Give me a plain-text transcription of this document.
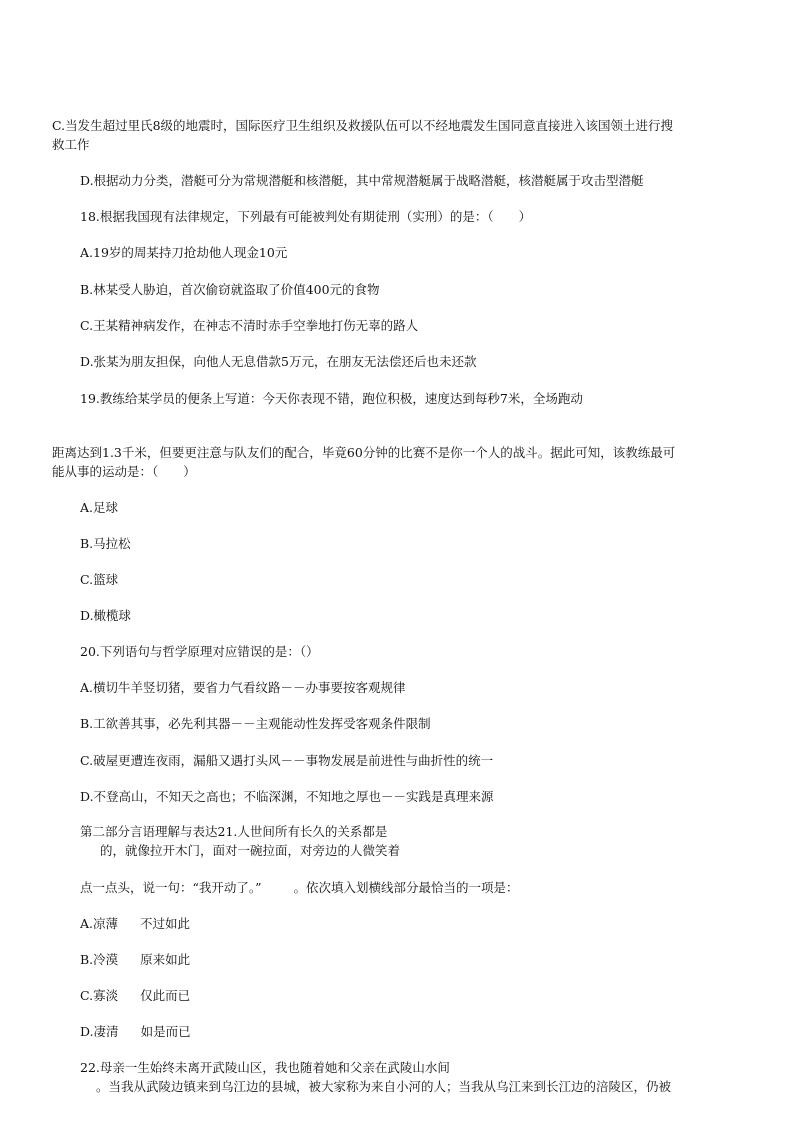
C.当发生超过里氏8级的地震时，国际医疗卫生组织及救援队伍可以不经地震发生国同意直接进入该国领土进行搜
救工作
D.根据动力分类，潜艇可分为常规潜艇和核潜艇，其中常规潜艇属于战略潜艇，核潜艇属于攻击型潜艇
18.根据我国现有法律规定，下列最有可能被判处有期徒刑（实刑）的是：（　　）
A.19岁的周某持刀抢劫他人现金10元
B.林某受人胁迫，首次偷窃就盗取了价值400元的食物
C.王某精神病发作，在神志不清时赤手空拳地打伤无辜的路人
D.张某为朋友担保，向他人无息借款5万元，在朋友无法偿还后也未还款
19.教练给某学员的便条上写道：今天你表现不错，跑位积极，速度达到每秒7米，全场跑动
距离达到1.3千米，但要更注意与队友们的配合，毕竟60分钟的比赛不是你一个人的战斗。据此可知，该教练最可
能从事的运动是：（　　）
A.足球
B.马拉松
C.篮球
D.橄榄球
20.下列语句与哲学原理对应错误的是：（）
A.横切牛羊竖切猪，要省力气看纹路－－办事要按客观规律
B.工欲善其事，必先利其器－－主观能动性发挥受客观条件限制
C.破屋更遭连夜雨，漏船又遇打头风－－事物发展是前进性与曲折性的统一
D.不登高山，不知天之高也；不临深渊，不知地之厚也－－实践是真理来源
第二部分言语理解与表达21.人世间所有长久的关系都是
的，就像拉开木门，面对一碗拉面，对旁边的人微笑着
点一点头，说一句：“我开动了。”	。依次填入划横线部分最恰当的一项是：
A.凉薄 不过如此
B.冷漠 原来如此
C.寡淡 仅此而已
D.凄清 如是而已
22.母亲一生始终未离开武陵山区，我也随着她和父亲在武陵山水间
。当我从武陵边镇来到乌江边的县城，被大家称为来自小河的人；当我从乌江来到长江边的涪陵区，仍被
